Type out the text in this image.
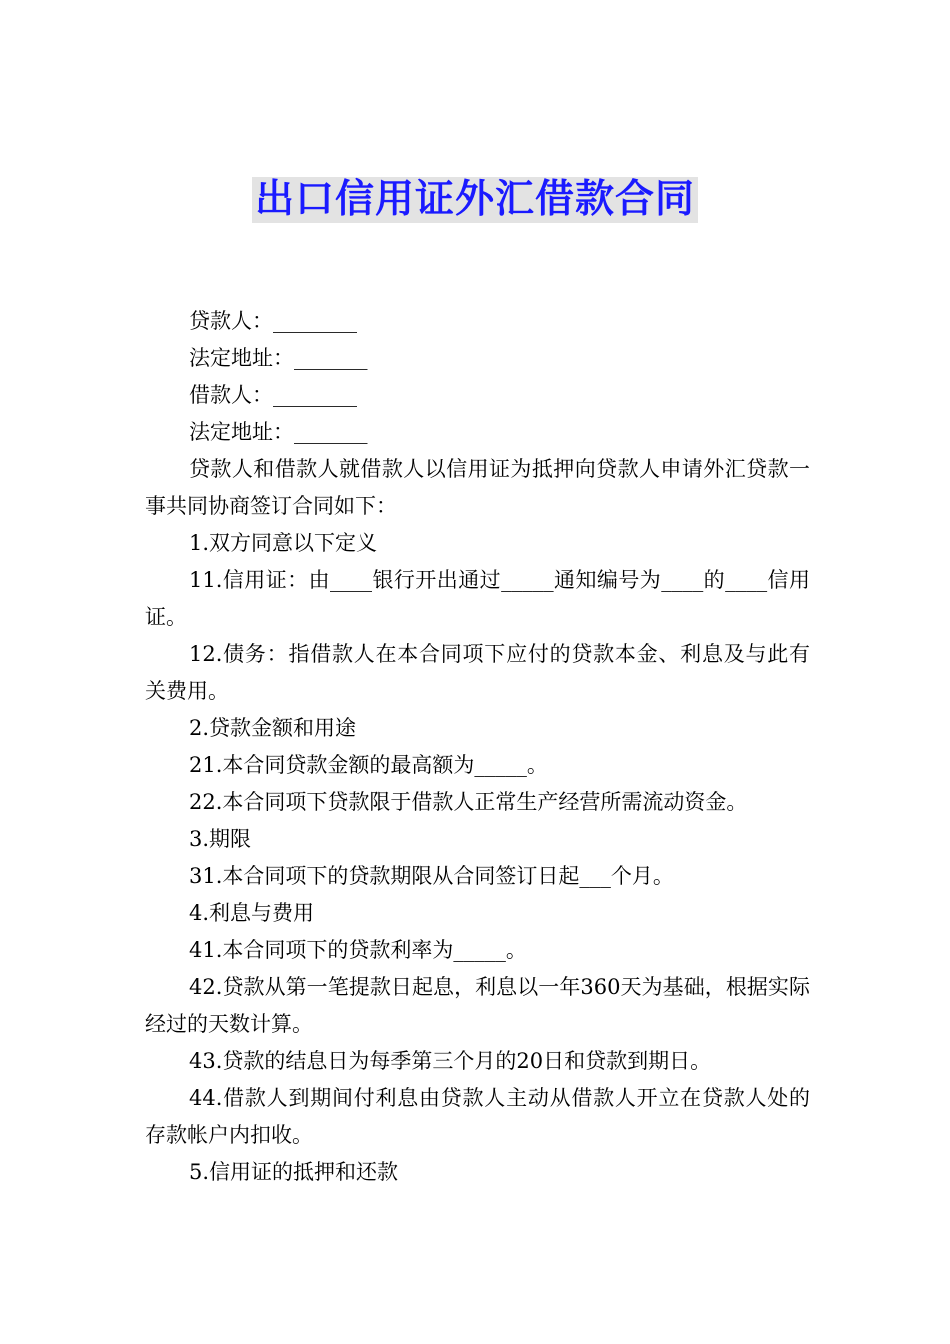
出口信用证外汇借款合同

贷款人：________

法定地址：_______

借款人：________

法定地址：_______

贷款人和借款人就借款人以信用证为抵押向贷款人申请外汇贷款一事共同协商签订合同如下：

1.双方同意以下定义

11.信用证：由____银行开出通过_____通知编号为____的____信用证。

12.债务：指借款人在本合同项下应付的贷款本金、利息及与此有关费用。

2.贷款金额和用途

21.本合同贷款金额的最高额为_____。

22.本合同项下贷款限于借款人正常生产经营所需流动资金。

3.期限

31.本合同项下的贷款期限从合同签订日起___个月。

4.利息与费用

41.本合同项下的贷款利率为_____。

42.贷款从第一笔提款日起息，利息以一年360天为基础，根据实际经过的天数计算。

43.贷款的结息日为每季第三个月的20日和贷款到期日。

44.借款人到期间付利息由贷款人主动从借款人开立在贷款人处的存款帐户内扣收。

5.信用证的抵押和还款
